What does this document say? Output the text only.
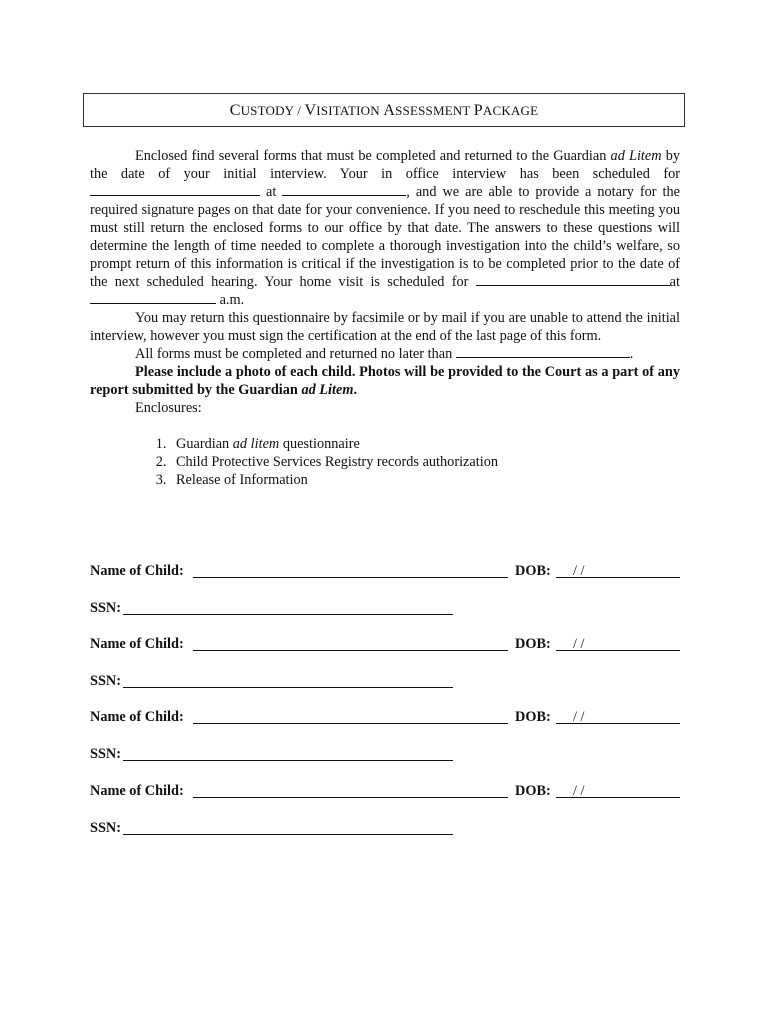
CUSTODY / VISITATION ASSESSMENT PACKAGE

Enclosed find several forms that must be completed and returned to the Guardian ad Litem by the date of your initial interview. Your in office interview has been scheduled for  at	, and we are able to provide a notary for the required signature pages on that date for your convenience. If you need to reschedule this meeting you must still return the enclosed forms to our office by that date. The answers to these questions will determine the length of time needed to complete a thorough investigation into the child’s welfare, so prompt return of this information is critical if the investigation is to be completed prior to the date of the next scheduled hearing. Your home visit is scheduled for	at  a.m.

You may return this questionnaire by facsimile or by mail if you are unable to attend the initial interview, however you must sign the certification at the end of the last page of this form.

All forms must be completed and returned no later than	.

Please include a photo of each child. Photos will be provided to the Court as a part of any report submitted by the Guardian ad Litem.

Enclosures:

1. Guardian ad litem questionnaire
2. Child Protective Services Registry records authorization
3. Release of Information
Name of Child:	DOB: / /
SSN:
Name of Child:	DOB: / /
SSN:
Name of Child:	DOB: / /
SSN:
Name of Child:	DOB: / /
SSN:
